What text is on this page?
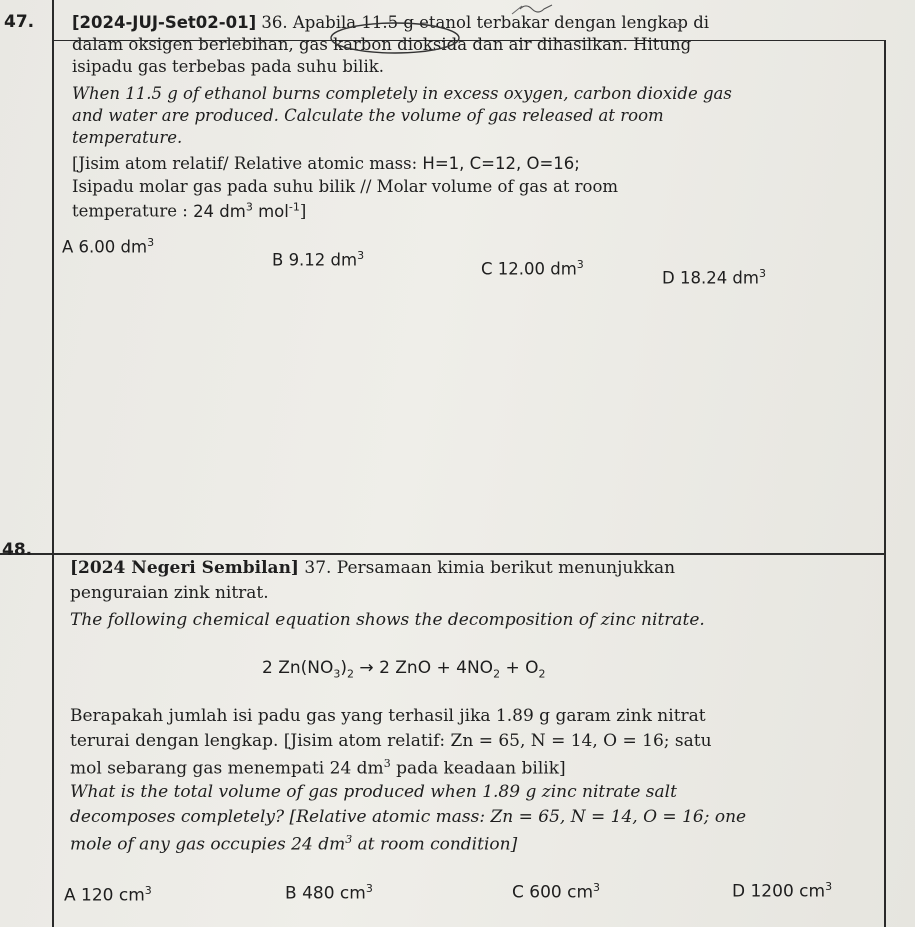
47. [2024-JUJ-Set02-01] 36. Apabila 11.5 g etanol terbakar dengan lengkap di
dalam oksigen berlebihan, gas karbon dioksida dan air dihasilkan. Hitung
isipadu gas terbebas pada suhu bilik.
When 11.5 g of ethanol burns completely in excess oxygen, carbon dioxide gas
and water are produced. Calculate the volume of gas released at room
temperature.
[Jisim atom relatif/ Relative atomic mass: H=1, C=12, O=16;
Isipadu molar gas pada suhu bilik // Molar volume of gas at room
temperature : 24 $dm^3$ mol$^{-1}$]
A 6.00 $dm^3$
B 9.12 $dm^3$
C 12.00 $dm^3$
D 18.24 $dm^3$
48.
[2024 Negeri Sembilan] 37. Persamaan kimia berikut menunjukkan
penguraian zink nitrat.
The following chemical equation shows the decomposition of zinc nitrate.
2 $Zn(NO_3)_2 \to 2$ ZnO + $4NO_2 + O_2$
Berapakah jumlah isi padu gas yang terhasil jika 1.89 g garam zink nitrat
terurai dengan lengkap. [Jisim atom relatif: Zn = 65, N = 14, O = 16; satu
mol sebarang gas menempati 24 $dm^3$ pada keadaan bilik]
What is the total volume of gas produced when 1.89 g zinc nitrate salt
decomposes completely? [Relative atomic mass: Zn = 65, N = 14, O = 16; one
mole of any gas occupies 24 $dm^3$ at room condition]
A 120 $cm^3$	B 480 $cm^3$	C 600 $cm^3$	D 1200 $cm^3$
